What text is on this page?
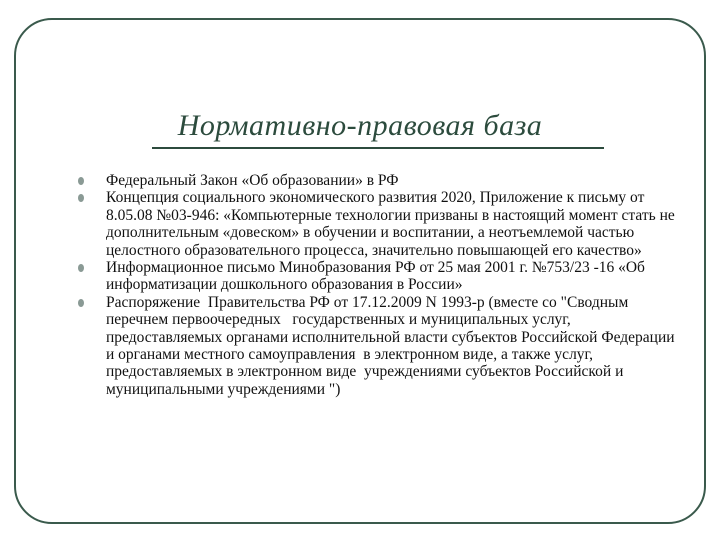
Нормативно-правовая база
Федеральный Закон «Об образовании» в РФ
Концепция социального экономического развития 2020, Приложение к письму от 8.05.08 №03-946: «Компьютерные технологии призваны в настоящий момент стать не дополнительным «довеском» в обучении и воспитании, а неотъемлемой частью целостного образовательного процесса, значительно повышающей его качество»
Информационное письмо Минобразования РФ от 25 мая 2001 г. №753/23 -16 «Об информатизации дошкольного образования в России»
Распоряжение  Правительства РФ от 17.12.2009 N 1993-р (вместе со "Сводным перечнем первоочередных   государственных и муниципальных услуг, предоставляемых органами исполнительной власти субъектов Российской Федерации и органами местного самоуправления  в электронном виде, а также услуг, предоставляемых в электронном виде  учреждениями субъектов Российской и муниципальными учреждениями ")
